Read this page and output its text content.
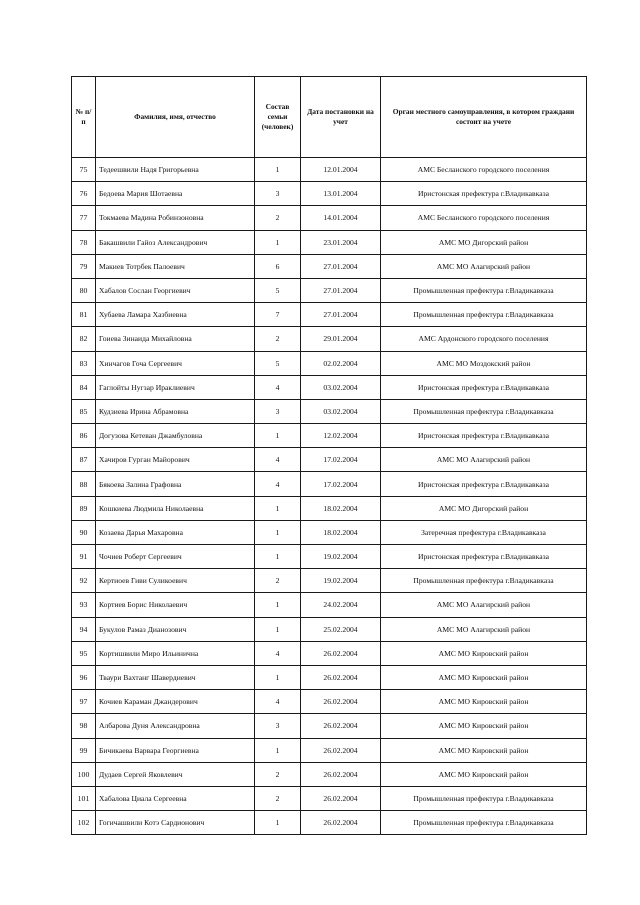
№ п/п	Фамилия, имя, отчество	Состав семьи (человек)	Дата постановки на учет	Орган местного самоуправления, в котором граждани состоит на учете
75	Тедеешвили Надя Григорьевна	1	12.01.2004	АМС Бесланского городского поселения
76	Бедоева Мария Шотаевна	3	13.01.2004	Иристонская префектура г.Владикавказа
77	Токмаева Мадина Робинзоновна	2	14.01.2004	АМС Бесланского городского поселения
78	Бакашвили Гайоз Александрович	1	23.01.2004	АМС МО Дигорский район
79	Макиев Тотрбек Палоевич	6	27.01.2004	АМС МО Алагирский район
80	Хабалов Сослан Георгиевич	5	27.01.2004	Промышленная префектура г.Владикавказа
81	Хубаева Ламара Хазбиевна	7	27.01.2004	Промышленная префектура г.Владикавказа
82	Гоиева Зинаида Михайловна	2	29.01.2004	АМС Ардонского городского поселения
83	Хинчагов Гоча Сергеевич	5	02.02.2004	АМС МО Моздокский район
84	Гаглойты Нугзар Ираклиевич	4	03.02.2004	Иристонская префектура г.Владикавказа
85	Кудзиева Ирина Абрамовна	3	03.02.2004	Промышленная префектура г.Владикавказа
86	Догузова Кетеван Джамбуловна	1	12.02.2004	Иристонская префектура г.Владикавказа
87	Хачиров Гурган Майорович	4	17.02.2004	АМС МО Алагирский район
88	Бякоева Залина Графовна	4	17.02.2004	Иристонская префектура г.Владикавказа
89	Кошкиева Людмила Николаевна	1	18.02.2004	АМС МО Дигорский район
90	Козаева Дарья Махаровна	1	18.02.2004	Затеречная префектура г.Владикавказа
91	Чочиев Роберт Сергеевич	1	19.02.2004	Иристонская префектура г.Владикавказа
92	Кертиоев Гиви Сулико​евич	2	19.02.2004	Промышленная префектура г.Владикавказа
93	Кортиев Борис Николаевич	1	24.02.2004	АМС МО Алагирский район
94	Букулов Рамаз Дианозович	1	25.02.2004	АМС МО Алагирский район
95	Кортишвили Миро Ильинична	4	26.02.2004	АМС МО Кировский район
96	Тваури Вахтанг Шавердиевич	1	26.02.2004	АМС МО Кировский район
97	Кочиев Караман Джандерович	4	26.02.2004	АМС МО Кировский район
98	Албарова Дуня Александровна	3	26.02.2004	АМС МО Кировский район
99	Бичикаева Варвара Георгиевна	1	26.02.2004	АМС МО Кировский район
100	Дудаев Сергей Яковлевич	2	26.02.2004	АМС МО Кировский район
101	Хабалова Циала Сергеевна	2	26.02.2004	Промышленная префектура г.Владикавказа
102	Гогичашвили Котэ Сардионович	1	26.02.2004	Промышленная префектура г.Владикавказа
